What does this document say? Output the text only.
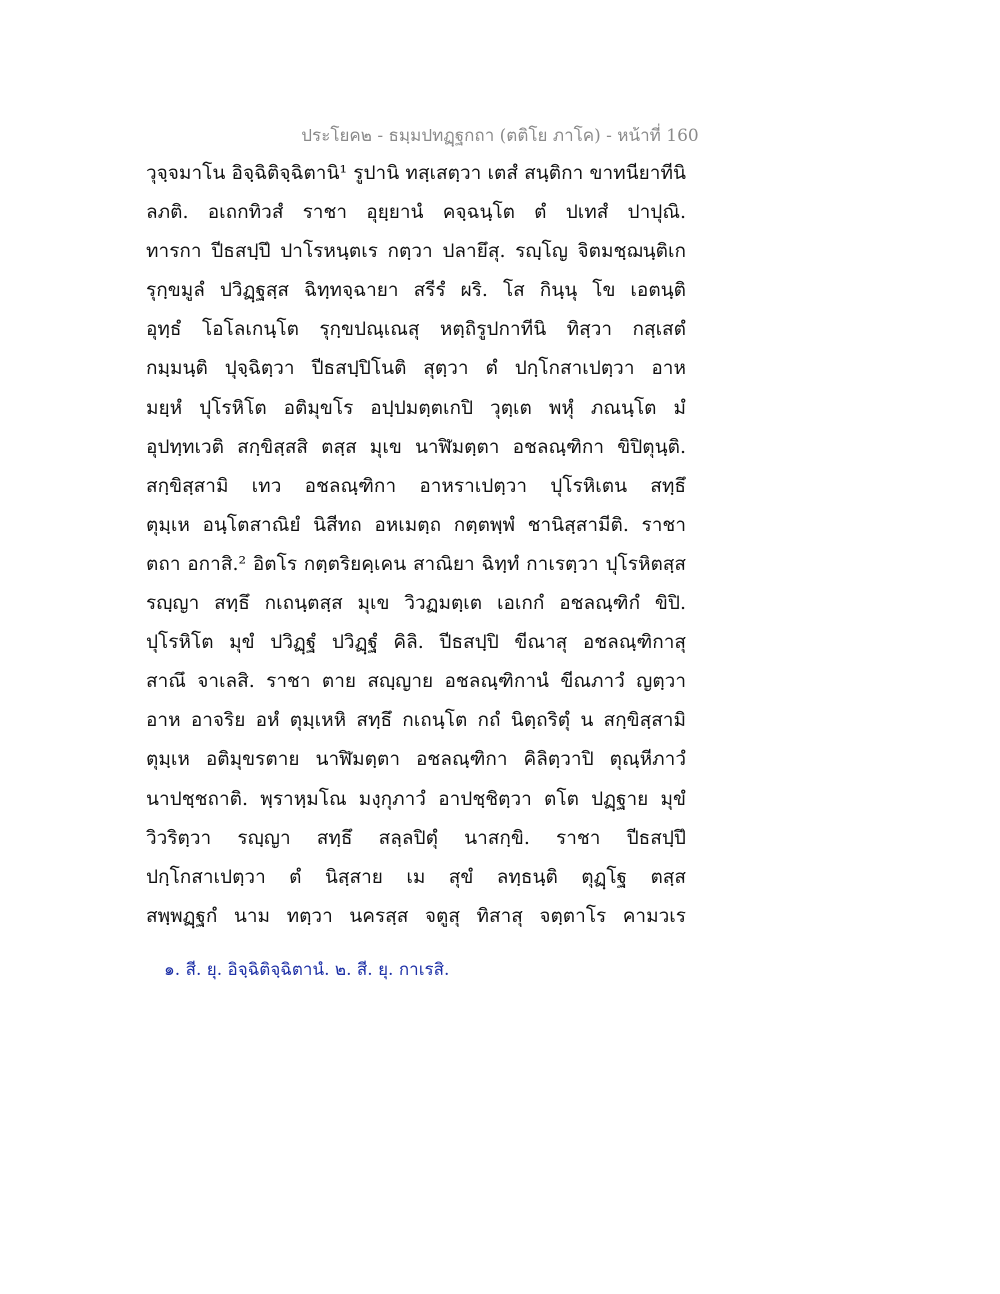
ประโยค๒ - ธมฺมปทฏฺฐกถา (ตติโย ภาโค) - หน้าที่ 160
วุจฺจมาโน อิจฺฉิติจฺฉิตานิ¹ รูปานิ ทสฺเสตฺวา เตสํ สนฺติกา ขาทนียาทีนิ
ลภติ. อเถกทิวสํ ราชา อุยฺยานํ คจฺฉนฺโต ตํ ปเทสํ ปาปุณิ.
ทารกา ปีธสปฺปึ ปาโรหนฺตเร กตฺวา ปลายึสุ. รญฺโญ จิตมชฺฌนฺติเก
รุกฺขมูลํ ปวิฏฺฐสฺส ฉิทฺทจฺฉายา สรีรํ ผริ. โส กินฺนุ โข เอตนฺติ
อุทฺธํ โอโลเกนฺโต รุกฺขปณฺเณสุ หตฺถิรูปกาทีนิ ทิสฺวา กสฺเสตํ
กมฺมนฺติ ปุจฺฉิตฺวา ปีธสปฺปิโนติ สุตฺวา ตํ ปกฺโกสาเปตฺวา อาห
มยฺหํ ปุโรหิโต อติมุขโร อปฺปมตฺตเกปิ วุตฺเต พหุํ ภณนฺโต มํ
อุปทฺทเวติ สกฺขิสฺสสิ ตสฺส มุเข นาฬิมตฺตา อชลณฺฑิกา ขิปิตุนฺติ.
สกฺขิสฺสามิ เทว อชลณฺฑิกา อาหราเปตฺวา ปุโรหิเตน สทฺธึ
ตุมฺเห อนฺโตสาณิยํ นิสีทถ อหเมตฺถ กตฺตพฺพํ ชานิสฺสามีติ. ราชา
ตถา อกาสิ.² อิตโร กตฺตริยคฺเคน สาณิยา ฉิทฺทํ กาเรตฺวา ปุโรหิตสฺส
รญฺญา สทฺธึ กเถนฺตสฺส มุเข วิวฏมตฺเต เอเกกํ อชลณฺฑิกํ ขิปิ.
ปุโรหิโต มุขํ ปวิฏฺฐํ ปวิฏฺฐํ คิลิ. ปีธสปฺปิ ขีณาสุ อชลณฺฑิกาสุ
สาณึ จาเลสิ. ราชา ตาย สญฺญาย อชลณฺฑิกานํ ขีณภาวํ ญตฺวา
อาห อาจริย อหํ ตุมฺเหหิ สทฺธึ กเถนฺโต กถํ นิตฺถริตุํ น สกฺขิสฺสามิ
ตุมฺเห อติมุขรตาย นาฬิมตฺตา อชลณฺฑิกา คิลิตฺวาปิ ตุณฺหีภาวํ
นาปชฺชถาติ. พฺราหฺมโณ มงฺกุภาวํ อาปชฺชิตฺวา ตโต ปฏฺฐาย มุขํ
วิวริตฺวา รญฺญา สทฺธึ สลฺลปิตุํ นาสกฺขิ. ราชา ปีธสปฺปึ
ปกฺโกสาเปตฺวา ตํ นิสฺสาย เม สุขํ ลทฺธนฺติ ตุฏฺโฐ ตสฺส
สพฺพฏฺฐกํ นาม ทตฺวา นครสฺส จตูสุ ทิสาสุ จตฺตาโร คามวเร
๑. สี. ยุ. อิจฺฉิติจฺฉิตานํ. ๒. สี. ยุ. กาเรสิ.
